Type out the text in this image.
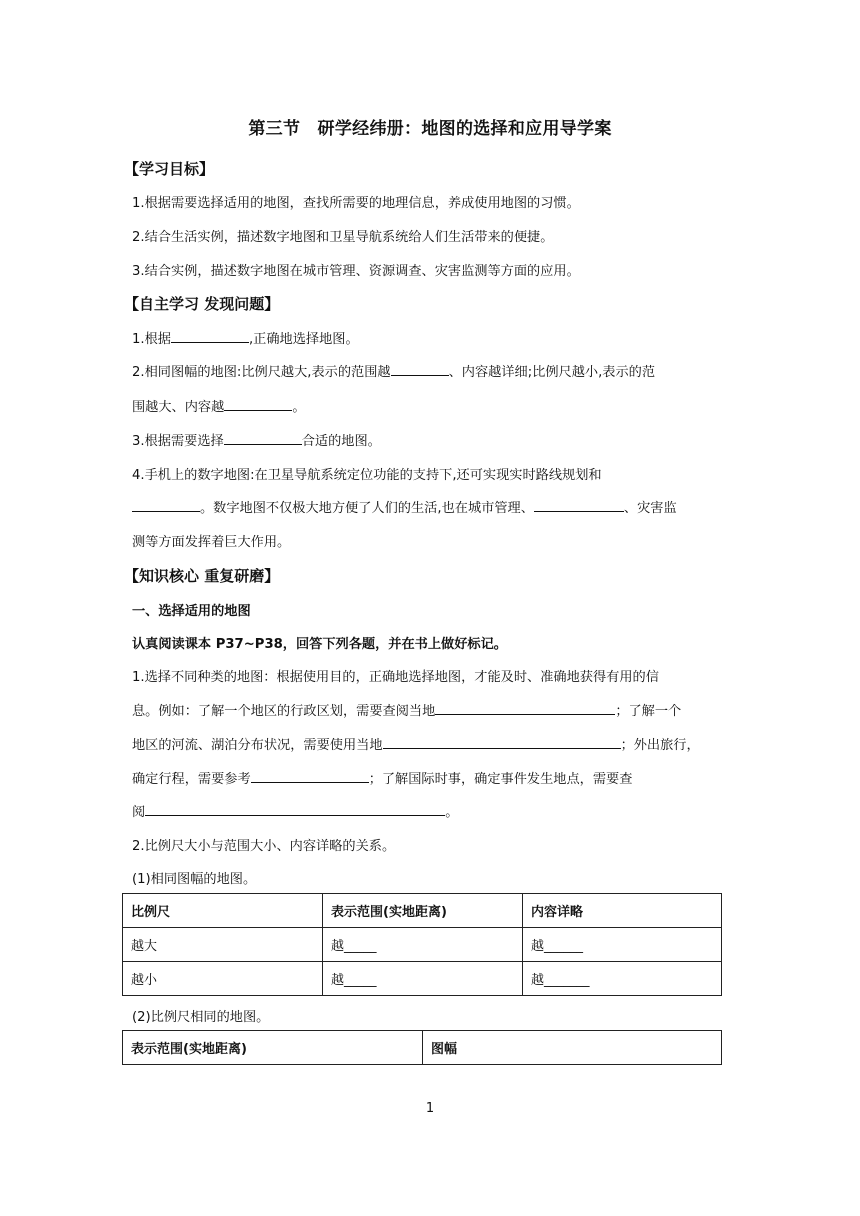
第三节　研学经纬册：地图的选择和应用导学案
【学习目标】
1.根据需要选择适用的地图，查找所需要的地理信息，养成使用地图的习惯。
2.结合生活实例，描述数字地图和卫星导航系统给人们生活带来的便捷。
3.结合实例，描述数字地图在城市管理、资源调查、灾害监测等方面的应用。
【自主学习 发现问题】
1.根据	,正确地选择地图。
2.相同图幅的地图:比例尺越大,表示的范围越	、内容越详细;比例尺越小,表示的范
围越大、内容越	。
3.根据需要选择	合适的地图。
4.手机上的数字地图:在卫星导航系统定位功能的支持下,还可实现实时路线规划和
。数字地图不仅极大地方便了人们的生活,也在城市管理、	、灾害监
测等方面发挥着巨大作用。
【知识核心 重复研磨】
一、选择适用的地图
认真阅读课本 P37~P38，回答下列各题，并在书上做好标记。
1.选择不同种类的地图：根据使用目的，正确地选择地图，才能及时、准确地获得有用的信
息。例如：了解一个地区的行政区划，需要查阅当地	；了解一个
地区的河流、湖泊分布状况，需要使用当地	；外出旅行，
确定行程，需要参考	；了解国际时事，确定事件发生地点，需要查
阅	。
2.比例尺大小与范围大小、内容详略的关系。
(1)相同图幅的地图。
比例尺	表示范围(实地距离)	内容详略
越大	越_____	越______
越小	越_____	越_______
(2)比例尺相同的地图。
表示范围(实地距离)	图幅
1
